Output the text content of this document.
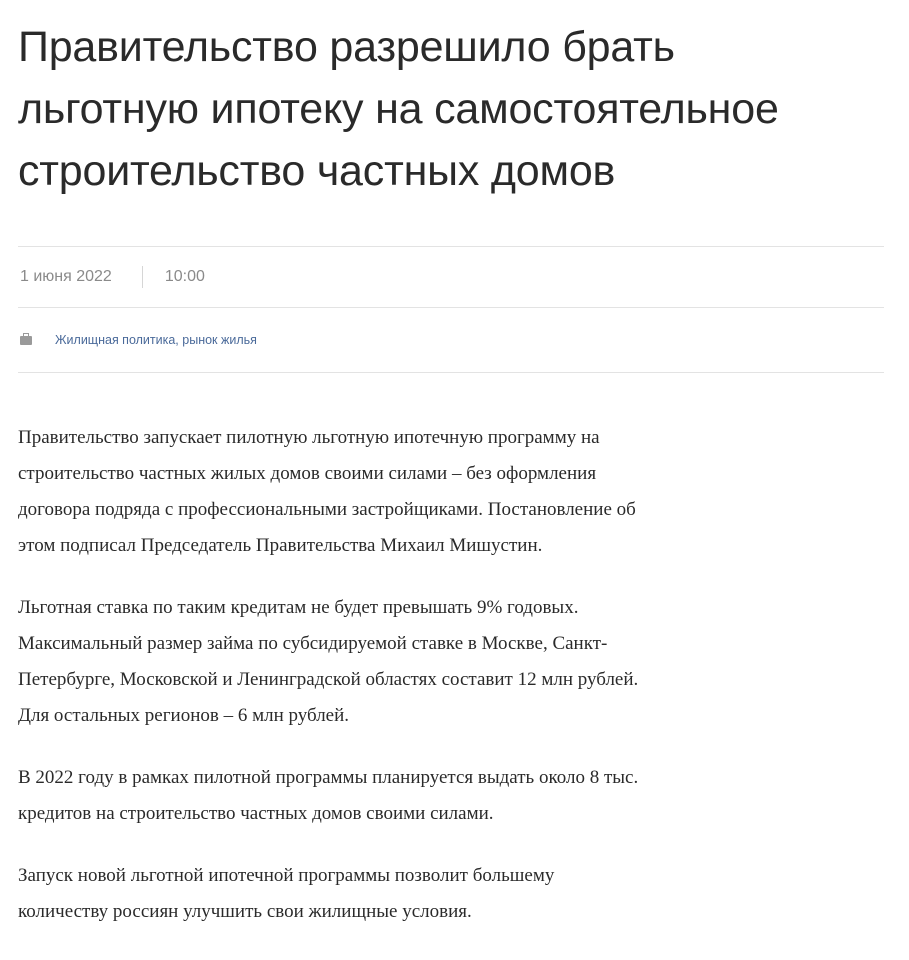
Правительство разрешило брать
льготную ипотеку на самостоятельное
строительство частных домов
1 июня 2022	10:00
Жилищная политика, рынок жилья

Правительство запускает пилотную льготную ипотечную программу на
строительство частных жилых домов своими силами – без оформления
договора подряда с профессиональными застройщиками. Постановление об
этом подписал Председатель Правительства Михаил Мишустин.

Льготная ставка по таким кредитам не будет превышать 9% годовых.
Максимальный размер займа по субсидируемой ставке в Москве, Санкт-
Петербурге, Московской и Ленинградской областях составит 12 млн рублей.
Для остальных регионов – 6 млн рублей.

В 2022 году в рамках пилотной программы планируется выдать около 8 тыс.
кредитов на строительство частных домов своими силами.

Запуск новой льготной ипотечной программы позволит большему
количеству россиян улучшить свои жилищные условия.
